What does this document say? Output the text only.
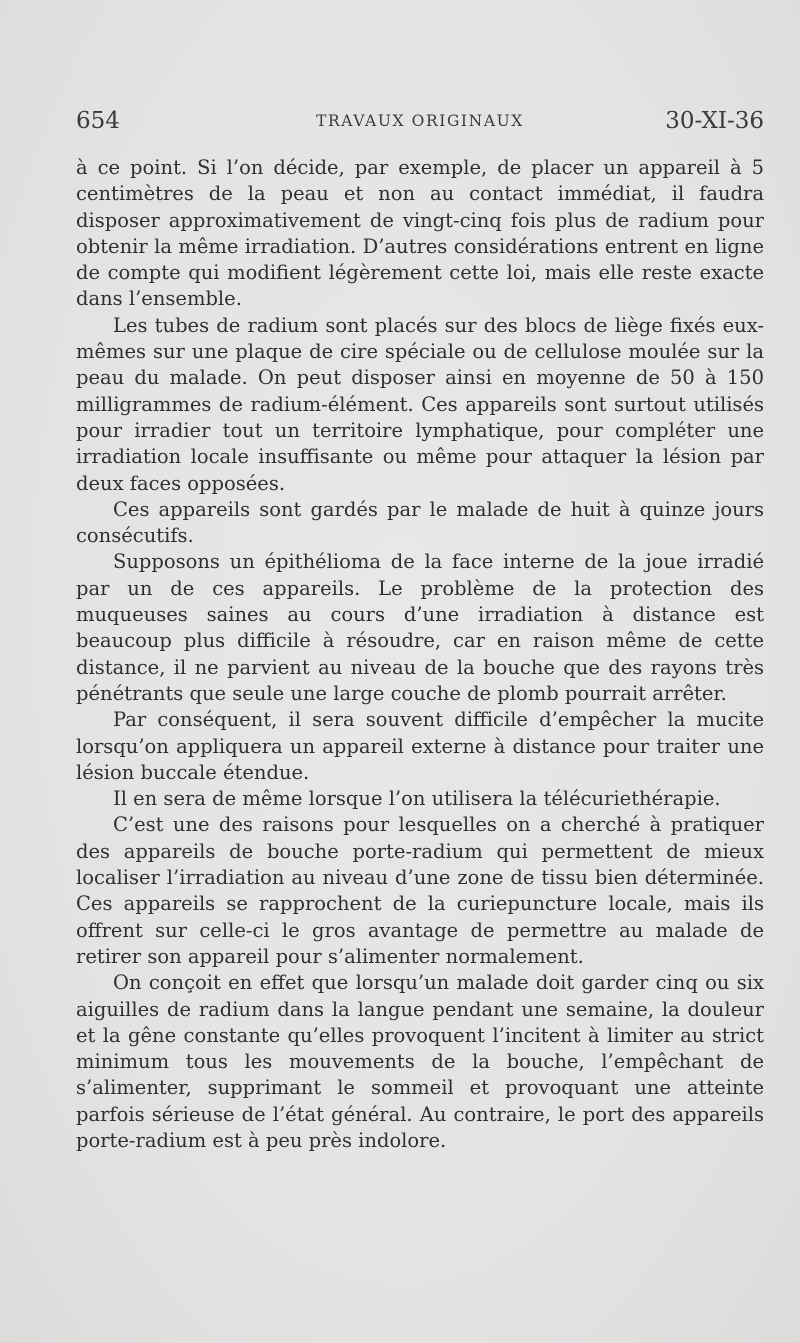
654	TRAVAUX ORIGINAUX	30-XI-36

à ce point. Si l’on décide, par exemple, de placer un appareil à 5 centimètres de la peau et non au contact immédiat, il faudra disposer approximativement de vingt-cinq fois plus de radium pour obtenir la même irradiation. D’autres considérations entrent en ligne de compte qui modifient légèrement cette loi, mais elle reste exacte dans l’ensemble.

Les tubes de radium sont placés sur des blocs de liège fixés eux-mêmes sur une plaque de cire spéciale ou de cellulose moulée sur la peau du malade. On peut disposer ainsi en moyenne de 50 à 150 milligrammes de radium-élément. Ces appareils sont surtout utilisés pour irradier tout un territoire lymphatique, pour compléter une irradiation locale insuffisante ou même pour attaquer la lésion par deux faces opposées.

Ces appareils sont gardés par le malade de huit à quinze jours consécutifs.

Supposons un épithélioma de la face interne de la joue irradié par un de ces appareils. Le problème de la protection des muqueuses saines au cours d’une irradiation à distance est beaucoup plus difficile à résoudre, car en raison même de cette distance, il ne parvient au niveau de la bouche que des rayons très pénétrants que seule une large couche de plomb pourrait arrêter.

Par conséquent, il sera souvent difficile d’empêcher la mucite lorsqu’on appliquera un appareil externe à distance pour traiter une lésion buccale étendue.

Il en sera de même lorsque l’on utilisera la télécuriethérapie.

C’est une des raisons pour lesquelles on a cherché à pratiquer des appareils de bouche porte-radium qui permettent de mieux localiser l’irradiation au niveau d’une zone de tissu bien déterminée. Ces appareils se rapprochent de la curiepuncture locale, mais ils offrent sur celle-ci le gros avantage de permettre au malade de retirer son appareil pour s’alimenter normalement.

On conçoit en effet que lorsqu’un malade doit garder cinq ou six aiguilles de radium dans la langue pendant une semaine, la douleur et la gêne constante qu’elles provoquent l’incitent à limiter au strict minimum tous les mouvements de la bouche, l’empêchant de s’alimenter, supprimant le sommeil et provoquant une atteinte parfois sérieuse de l’état général. Au contraire, le port des appareils porte-radium est à peu près indolore.
